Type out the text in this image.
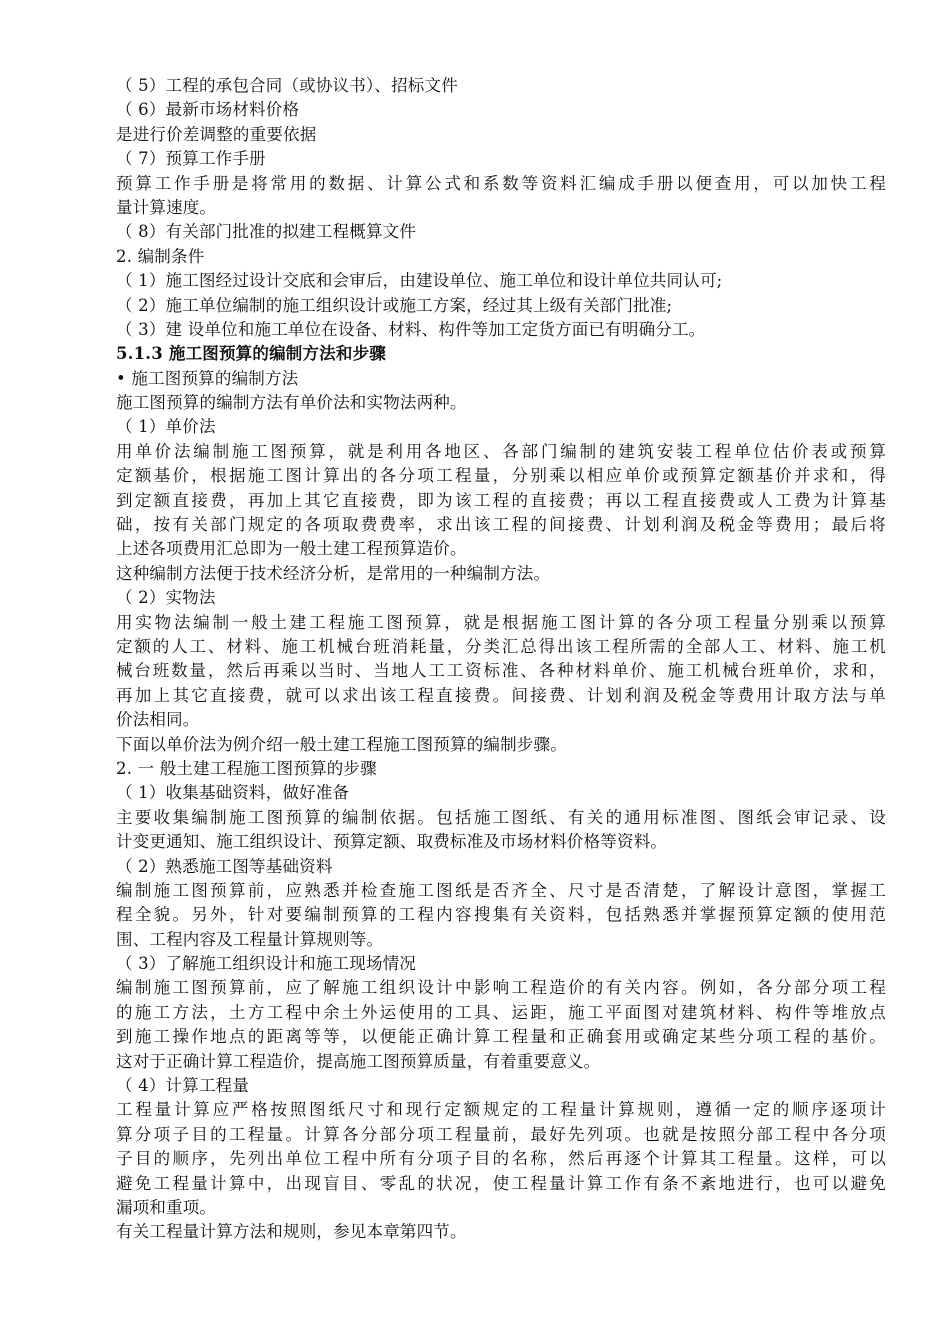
（ 5）工程的承包合同（或协议书）、招标文件
（ 6）最新市场材料价格
是进行价差调整的重要依据
（ 7）预算工作手册
预算工作手册是将常用的数据、计算公式和系数等资料汇编成手册以便查用，可以加快工程
量计算速度。
（ 8）有关部门批准的拟建工程概算文件
2. 编制条件
（ 1）施工图经过设计交底和会审后，由建设单位、施工单位和设计单位共同认可;
（ 2）施工单位编制的施工组织设计或施工方案，经过其上级有关部门批准;
（ 3）建 设单位和施工单位在设备、材料、构件等加工定货方面已有明确分工。
5.1.3 施工图预算的编制方法和步骤
• 施工图预算的编制方法
施工图预算的编制方法有单价法和实物法两种。
（ 1）单价法
用单价法编制施工图预算，就是利用各地区、各部门编制的建筑安装工程单位估价表或预算
定额基价，根据施工图计算出的各分项工程量，分别乘以相应单价或预算定额基价并求和，得
到定额直接费，再加上其它直接费，即为该工程的直接费；再以工程直接费或人工费为计算基
础，按有关部门规定的各项取费费率，求出该工程的间接费、计划利润及税金等费用；最后将
上述各项费用汇总即为一般土建工程预算造价。
这种编制方法便于技术经济分析，是常用的一种编制方法。
（ 2）实物法
用实物法编制一般土建工程施工图预算，就是根据施工图计算的各分项工程量分别乘以预算
定额的人工、材料、施工机械台班消耗量，分类汇总得出该工程所需的全部人工、材料、施工机
械台班数量，然后再乘以当时、当地人工工资标准、各种材料单价、施工机械台班单价，求和，
再加上其它直接费，就可以求出该工程直接费。间接费、计划利润及税金等费用计取方法与单
价法相同。
下面以单价法为例介绍一般土建工程施工图预算的编制步骤。
2. 一 般土建工程施工图预算的步骤
（ 1）收集基础资料，做好准备
主要收集编制施工图预算的编制依据。包括施工图纸、有关的通用标准图、图纸会审记录、设
计变更通知、施工组织设计、预算定额、取费标准及市场材料价格等资料。
（ 2）熟悉施工图等基础资料
编制施工图预算前，应熟悉并检查施工图纸是否齐全、尺寸是否清楚，了解设计意图，掌握工
程全貌。另外，针对要编制预算的工程内容搜集有关资料，包括熟悉并掌握预算定额的使用范
围、工程内容及工程量计算规则等。
（ 3）了解施工组织设计和施工现场情况
编制施工图预算前，应了解施工组织设计中影响工程造价的有关内容。例如，各分部分项工程
的施工方法，土方工程中余土外运使用的工具、运距，施工平面图对建筑材料、构件等堆放点
到施工操作地点的距离等等，以便能正确计算工程量和正确套用或确定某些分项工程的基价。
这对于正确计算工程造价，提高施工图预算质量，有着重要意义。
（ 4）计算工程量
工程量计算应严格按照图纸尺寸和现行定额规定的工程量计算规则，遵循一定的顺序逐项计
算分项子目的工程量。计算各分部分项工程量前，最好先列项。也就是按照分部工程中各分项
子目的顺序，先列出单位工程中所有分项子目的名称，然后再逐个计算其工程量。这样，可以
避免工程量计算中，出现盲目、零乱的状况，使工程量计算工作有条不紊地进行，也可以避免
漏项和重项。
有关工程量计算方法和规则，参见本章第四节。
